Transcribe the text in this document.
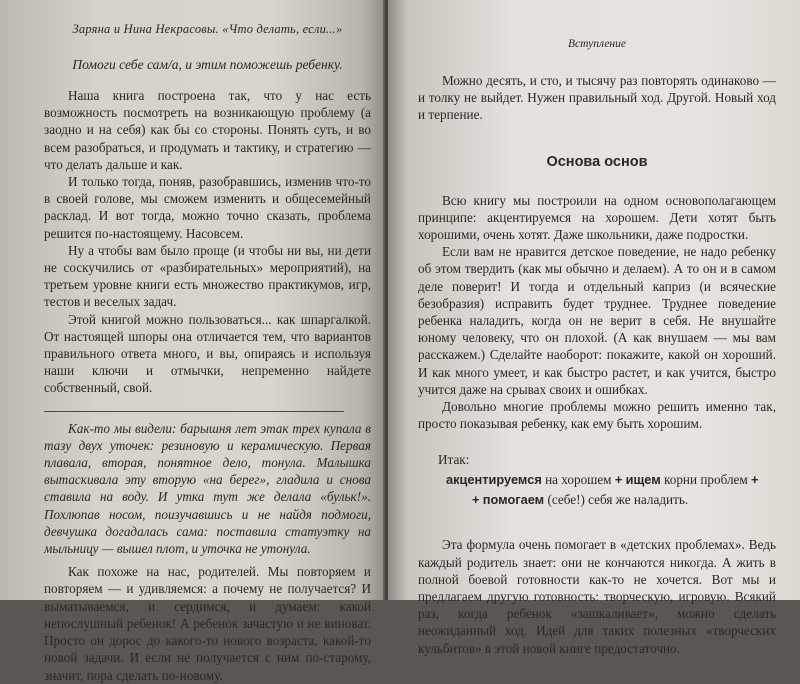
Заряна и Нина Некрасовы. «Что делать, если...»
Помоги себе сам/а, и этим поможешь ребенку.

Наша книга построена так, что у нас есть возможность посмотреть на возникающую проблему (а заодно и на себя) как бы со стороны. Понять суть, и во всем разобраться, и продумать и тактику, и стратегию — что делать дальше и как.

И только тогда, поняв, разобравшись, изменив что-то в своей голове, мы сможем изменить и общесемейный расклад. И вот тогда, можно точно сказать, проблема решится по-настоящему. Насовсем.

Ну а чтобы вам было проще (и чтобы ни вы, ни дети не соскучились от «разбирательных» мероприятий), на третьем уровне книги есть множество практикумов, игр, тестов и веселых задач.

Этой книгой можно пользоваться... как шпаргалкой. От настоящей шпоры она отличается тем, что вариантов правильного ответа много, и вы, опираясь и используя наши ключи и отмычки, непременно найдете собственный, свой.

Как-то мы видели: барышня лет этак трех купала в тазу двух уточек: резиновую и керамическую. Первая плавала, вторая, понятное дело, тонула. Малышка вытаскивала эту вторую «на берег», гладила и снова ставила на воду. И утка тут же делала «бульк!». Похлюпав носом, поизучавшись и не найдя подмоги, девчушка догадалась сама: поставила статуэтку на мыльницу — вышел плот, и уточка не утонула.

Как похоже на нас, родителей. Мы повторяем и повторяем — и удивляемся: а почему не получается? И выматываемся, и сердимся, и думаем: какой непослушный ребенок! А ребенок зачастую и не виноват. Просто он дорос до какого-то нового возраста, какой-то новой задачи. И если не получается с ним по-старому, значит, пора сделать по-новому.

Вступление

Можно десять, и сто, и тысячу раз повторять одинаково — и толку не выйдет. Нужен правильный ход. Другой. Новый ход и терпение.

Основа основ

Всю книгу мы построили на одном основополагающем принципе: акцентируемся на хорошем. Дети хотят быть хорошими, очень хотят. Даже школьники, даже подростки.

Если вам не нравится детское поведение, не надо ребенку об этом твердить (как мы обычно и делаем). А то он и в самом деле поверит! И тогда и отдельный каприз (и всяческие безобразия) исправить будет труднее. Труднее поведение ребенка наладить, когда он не верит в себя. Не внушайте юному человеку, что он плохой. (А как внушаем — мы вам расскажем.) Сделайте наоборот: покажите, какой он хороший. И как много умеет, и как быстро растет, и как учится, быстро учится даже на срывах своих и ошибках.

Довольно многие проблемы можно решить именно так, просто показывая ребенку, как ему быть хорошим.

Итак:
акцентируемся на хорошем + ищем корни проблем +
+ помогаем (себе!) себя же наладить.

Эта формула очень помогает в «детских проблемах». Ведь каждый родитель знает: они не кончаются никогда. А жить в полной боевой готовности как-то не хочется. Вот мы и предлагаем другую готовность: творческую, игровую. Всякий раз, когда ребенок «зашкаливает», можно сделать неожиданный ход. Идей для таких полезных «творческих кульбитов» в этой новой книге предостаточно.
